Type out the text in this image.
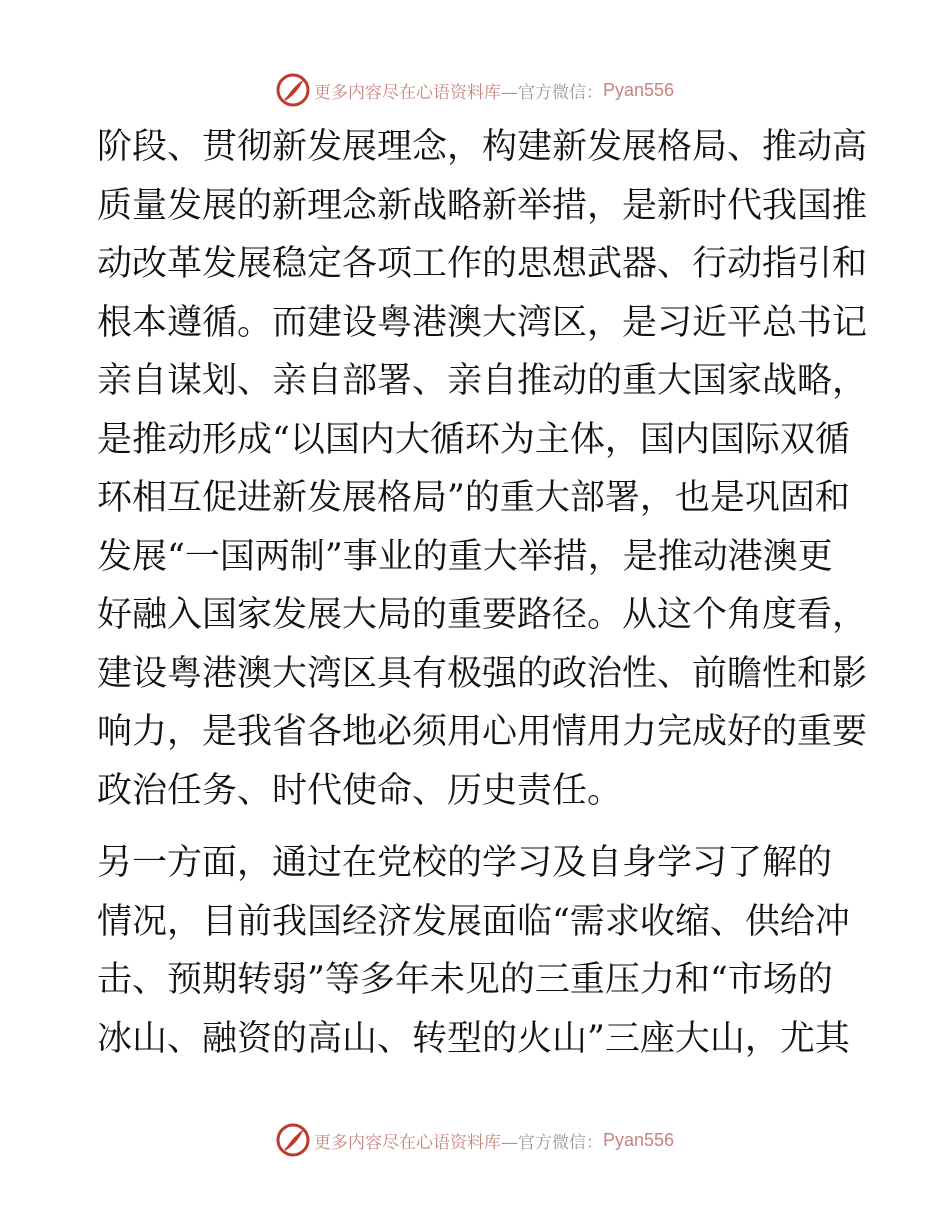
更多内容尽在心语资料库—官方微信： Pyan556

阶段、贯彻新发展理念，构建新发展格局、推动高
质量发展的新理念新战略新举措，是新时代我国推
动改革发展稳定各项工作的思想武器、行动指引和
根本遵循。而建设粤港澳大湾区，是习近平总书记
亲自谋划、亲自部署、亲自推动的重大国家战略，
是推动形成“以国内大循环为主体，国内国际双循
环相互促进新发展格局”的重大部署，也是巩固和
发展“一国两制”事业的重大举措，是推动港澳更
好融入国家发展大局的重要路径。从这个角度看，
建设粤港澳大湾区具有极强的政治性、前瞻性和影
响力，是我省各地必须用心用情用力完成好的重要
政治任务、时代使命、历史责任。

另一方面，通过在党校的学习及自身学习了解的
情况，目前我国经济发展面临“需求收缩、供给冲
击、预期转弱”等多年未见的三重压力和“市场的
冰山、融资的高山、转型的火山”三座大山，尤其

更多内容尽在心语资料库—官方微信： Pyan556
